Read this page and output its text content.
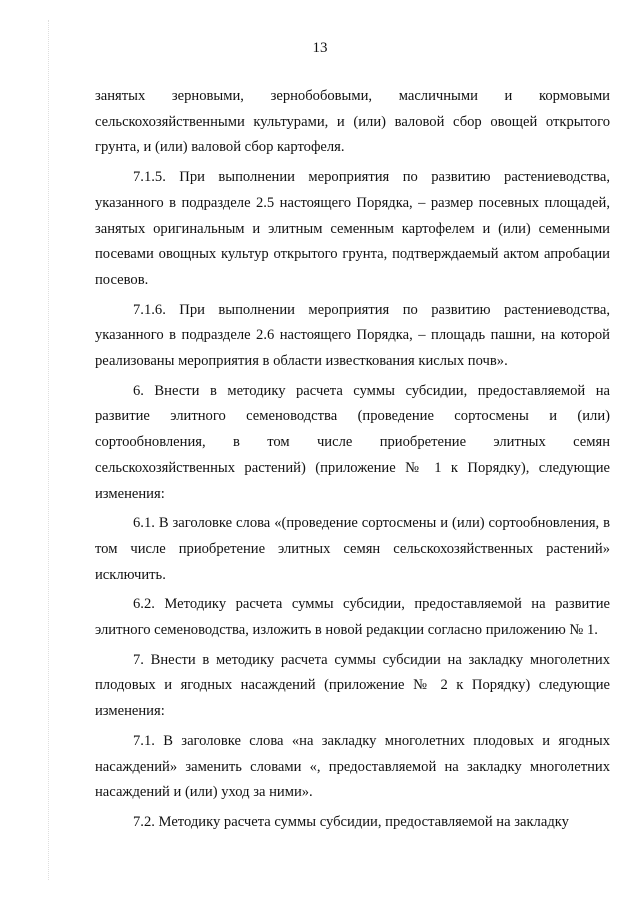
13

занятых зерновыми, зернобобовыми, масличными и кормовыми сельскохозяйственными культурами, и (или) валовой сбор овощей открытого грунта, и (или) валовой сбор картофеля.

7.1.5. При выполнении мероприятия по развитию растениеводства, указанного в подразделе 2.5 настоящего Порядка, – размер посевных площадей, занятых оригинальным и элитным семенным картофелем и (или) семенными посевами овощных культур открытого грунта, подтверждаемый актом апробации посевов.

7.1.6. При выполнении мероприятия по развитию растениеводства, указанного в подразделе 2.6 настоящего Порядка, – площадь пашни, на которой реализованы мероприятия в области известкования кислых почв».

6. Внести в методику расчета суммы субсидии, предоставляемой на развитие элитного семеноводства (проведение сортосмены и (или) сортообновления, в том числе приобретение элитных семян сельскохозяйственных растений) (приложение № 1 к Порядку), следующие изменения:

6.1. В заголовке слова «(проведение сортосмены и (или) сортообновления, в том числе приобретение элитных семян сельскохозяйственных растений» исключить.

6.2. Методику расчета суммы субсидии, предоставляемой на развитие элитного семеноводства, изложить в новой редакции согласно приложению № 1.

7. Внести в методику расчета суммы субсидии на закладку многолетних плодовых и ягодных насаждений (приложение № 2 к Порядку) следующие изменения:

7.1. В заголовке слова «на закладку многолетних плодовых и ягодных насаждений» заменить словами «, предоставляемой на закладку многолетних насаждений и (или) уход за ними».

7.2. Методику расчета суммы субсидии, предоставляемой на закладку
